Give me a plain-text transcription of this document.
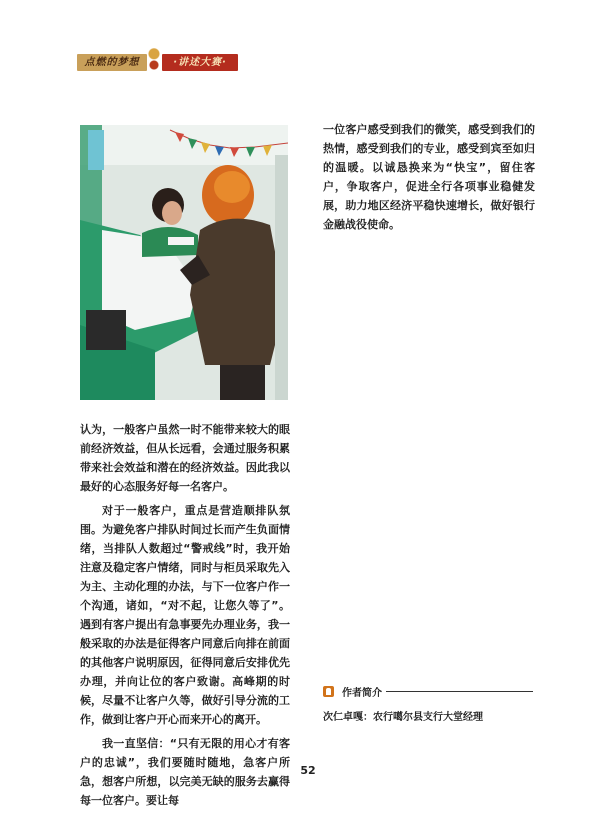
点燃的梦想	·讲述大赛·

认为，一般客户虽然一时不能带来较大的眼前经济效益，但从长远看，会通过服务积累带来社会效益和潜在的经济效益。因此我以最好的心态服务好每一名客户。

对于一般客户，重点是营造顺排队氛围。为避免客户排队时间过长而产生负面情绪，当排队人数超过“警戒线”时，我开始注意及稳定客户情绪，同时与柜员采取先入为主、主动化理的办法，与下一位客户作一个沟通，诸如，“对不起，让您久等了”。遇到有客户提出有急事要先办理业务，我一般采取的办法是征得客户同意后向排在前面的其他客户说明原因，征得同意后安排优先办理，并向让位的客户致谢。高峰期的时候，尽量不让客户久等，做好引导分流的工作，做到让客户开心而来开心的离开。

我一直坚信：“只有无限的用心才有客户的忠诚”，我们要随时随地，急客户所急，想客户所想，以完美无缺的服务去赢得每一位客户。要让每

一位客户感受到我们的微笑，感受到我们的热情，感受到我们的专业，感受到宾至如归的温暖。以诚恳换来为“快宝”，留住客户，争取客户，促进全行各项事业稳健发展，助力地区经济平稳快速增长，做好银行金融战役使命。

作者简介
次仁卓嘎：农行噶尔县支行大堂经理
52
